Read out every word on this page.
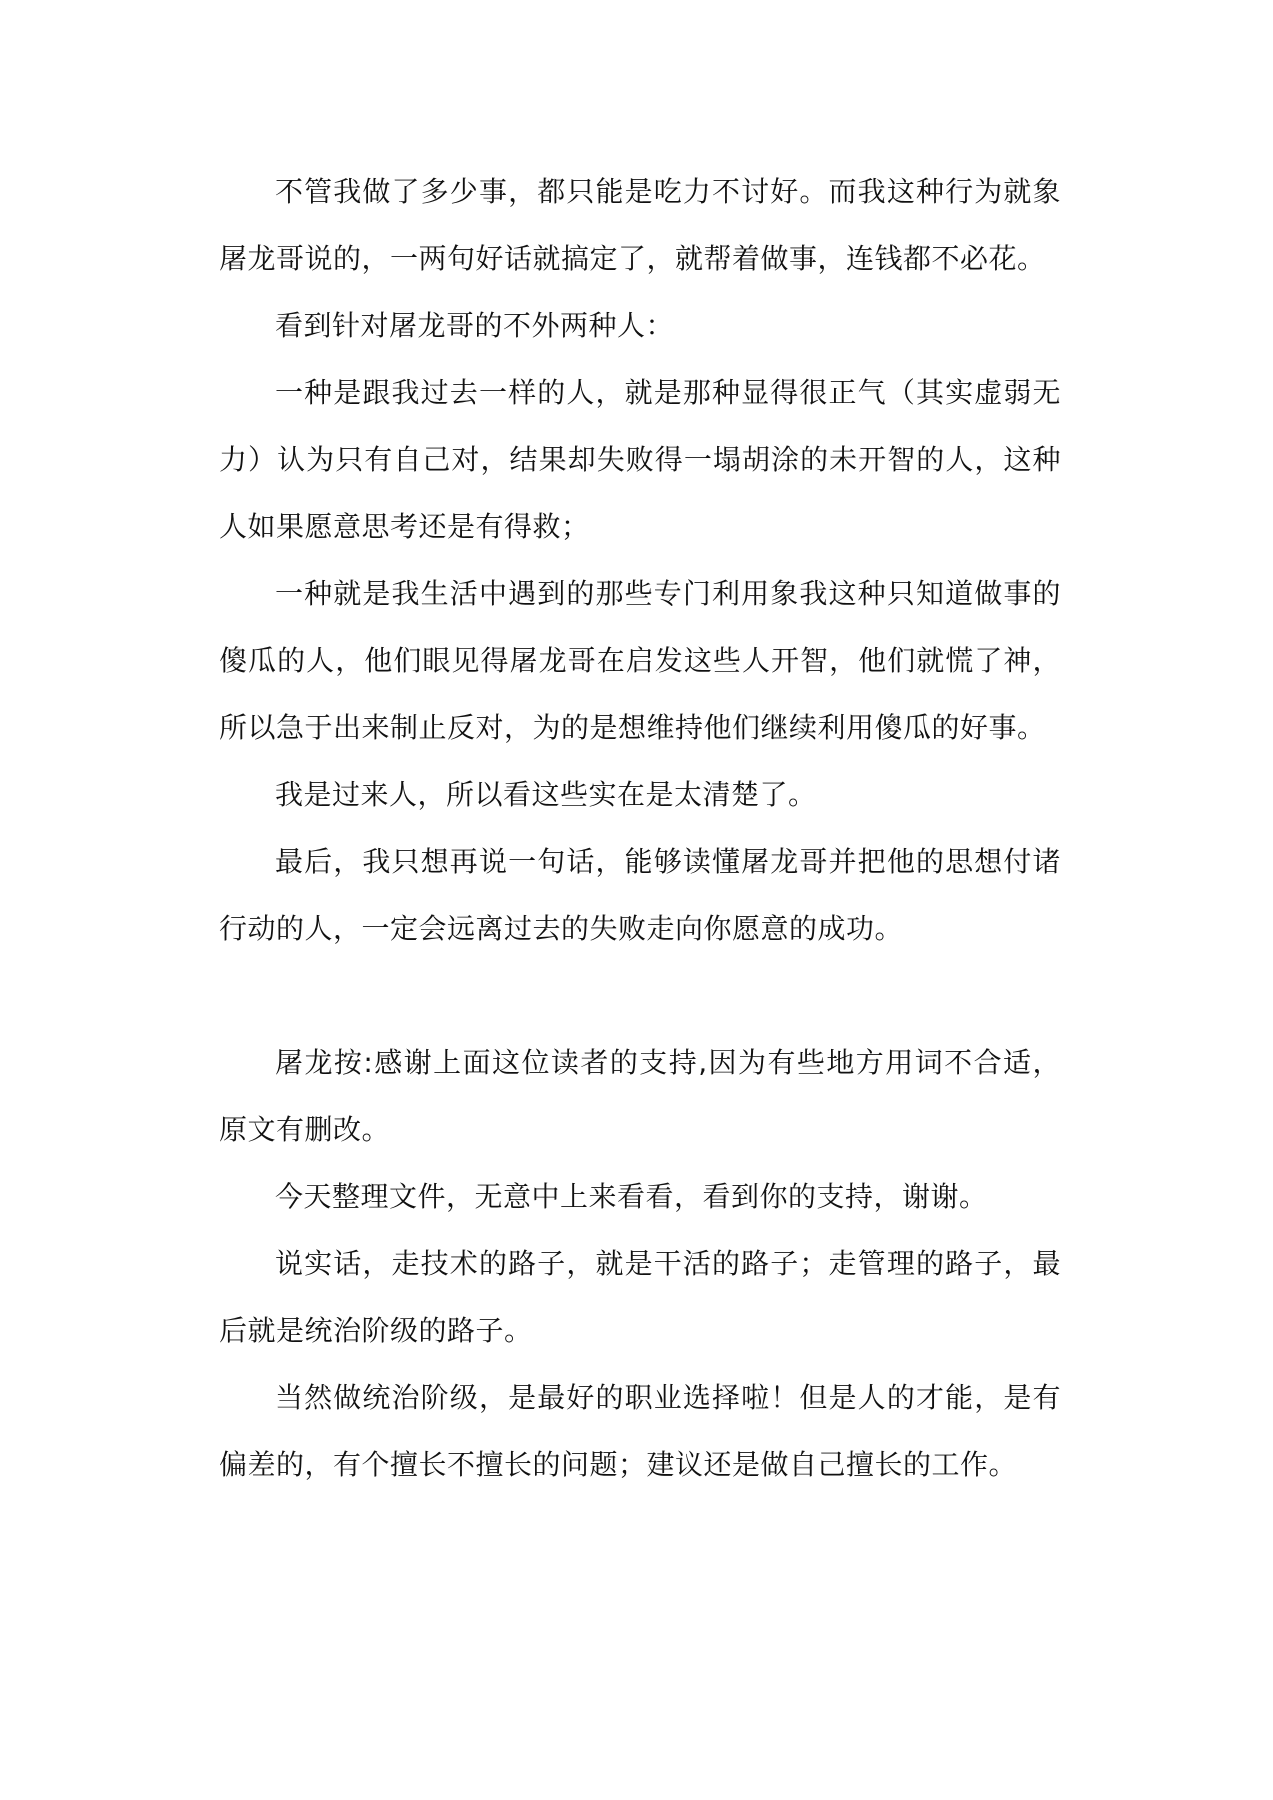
不管我做了多少事，都只能是吃力不讨好。而我这种行为就象屠龙哥说的，一两句好话就搞定了，就帮着做事，连钱都不必花。

看到针对屠龙哥的不外两种人：

一种是跟我过去一样的人，就是那种显得很正气（其实虚弱无力）认为只有自己对，结果却失败得一塌胡涂的未开智的人，这种人如果愿意思考还是有得救；

一种就是我生活中遇到的那些专门利用象我这种只知道做事的傻瓜的人，他们眼见得屠龙哥在启发这些人开智，他们就慌了神，所以急于出来制止反对，为的是想维持他们继续利用傻瓜的好事。

我是过来人，所以看这些实在是太清楚了。

最后，我只想再说一句话，能够读懂屠龙哥并把他的思想付诸行动的人，一定会远离过去的失败走向你愿意的成功。

屠龙按:感谢上面这位读者的支持,因为有些地方用词不合适，原文有删改。

今天整理文件，无意中上来看看，看到你的支持，谢谢。

说实话，走技术的路子，就是干活的路子；走管理的路子，最后就是统治阶级的路子。

当然做统治阶级，是最好的职业选择啦！但是人的才能，是有偏差的，有个擅长不擅长的问题；建议还是做自己擅长的工作。
